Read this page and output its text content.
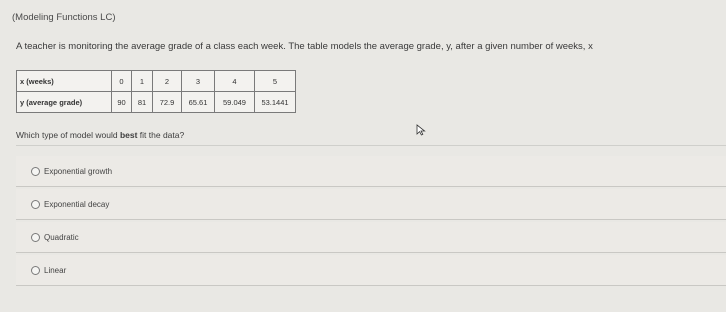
(Modeling Functions LC)
A teacher is monitoring the average grade of a class each week. The table models the average grade, y, after a given number of weeks, x
x (weeks)	0	1	2	3	4	5
y (average grade)	90	81	72.9	65.61	59.049	53.1441
Which type of model would best fit the data?
Exponential growth
Exponential decay
Quadratic
Linear
